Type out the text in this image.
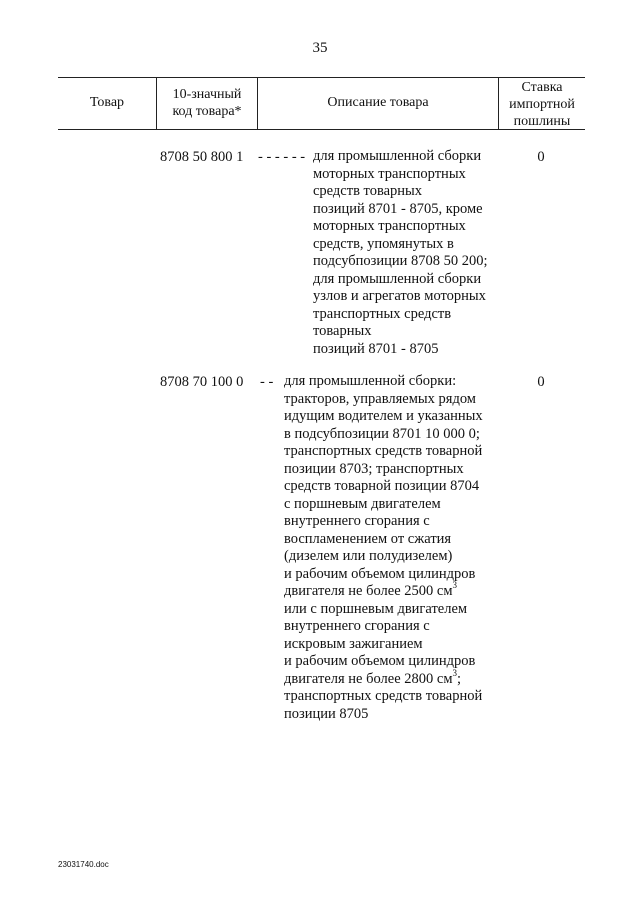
35
Товар
10-значный
код товара*
Описание товара
Ставка
импортной
пошлины
8708 50 800 1 - - - - - - для промышленной сборки
моторных транспортных
средств товарных
позиций 8701 - 8705, кроме
моторных транспортных
средств, упомянутых в
подсубпозиции 8708 50 200;
для промышленной сборки
узлов и агрегатов моторных
транспортных средств
товарных
позиций 8701 - 8705
0
8708 70 100 0 - - для промышленной сборки:
тракторов, управляемых рядом
идущим водителем и указанных
в подсубпозиции 8701 10 000 0;
транспортных средств товарной
позиции 8703; транспортных
средств товарной позиции 8704
с поршневым двигателем
внутреннего сгорания с
воспламенением от сжатия
(дизелем или полудизелем)
и рабочим объемом цилиндров
двигателя не более 2500 $см^3$
или с поршневым двигателем
внутреннего сгорания с
искровым зажиганием
и рабочим объемом цилиндров
двигателя не более 2800 $см^3$;
транспортных средств товарной
позиции 8705
0
23031740.doc
